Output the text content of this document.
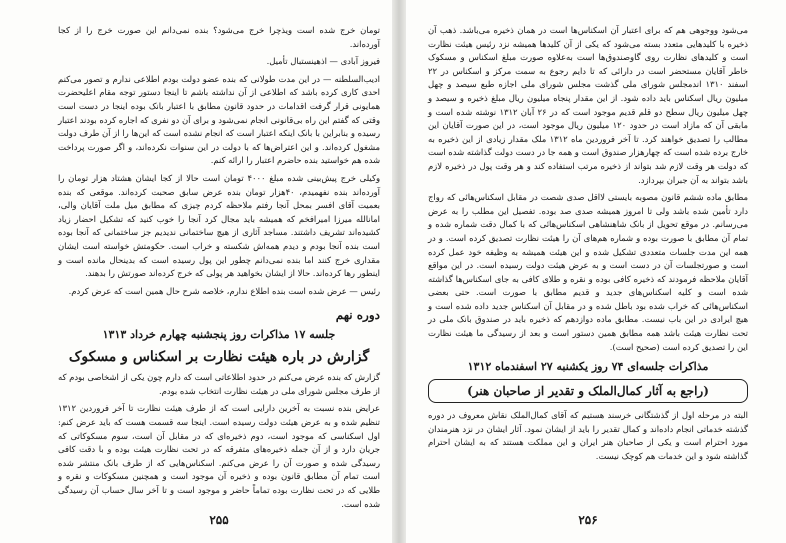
تومان خرج شده است ویذچرا خرج می‌شود؟ بنده نمی‌دانم این صورت خرج را از کجا آورده‌اند.

فیروز آبادی — اذهینستبال تأمیل.

ادیب‌السلطنه — در این مدت طولانی که بنده عضو دولت بودم اطلاعی ندارم و تصور می‌کنم احدی کاری کرده باشد که اطلاعی از آن نداشته باشم تا اینجا دستور توجه مقام اعلیحضرت همایونی قرار گرفت اقدامات در حدود قانون مطابق با اعتبار بانک بوده اینجا در دست است وقتی که گفتم این راه بی‌قانونی انجام نمی‌شود و برای آن دو نفری که اجاره کرده بودند اعتبار رسیده و بنابراین با بانک اینکه اعتبار است که انجام نشده است که این‌ها را از آن طرف دولت مشغول کرده‌اند. و این اعتراض‌ها که با دولت در این سنوات نکرده‌اند، و اگر صورت پرداخت شده هم خواستید بنده حاضرم اعتبار را ارائه کنم.

وکیلی خرج پیش‌بینی شده مبلغ ۴۰۰۰ تومان است حالا از کجا ایشان هشتاد هزار تومان را آورده‌اند بنده نفهمیدم، ۴۰هزار تومان بنده عرض سابق صحبت کرده‌اند. موقعی که بنده بعمیت آقای افسر بمحل آنجا رفتم ملاحظه کردم چیزی که مطابق میل ملت آقایان والی، امانالله میرزا امیرافخم که همیشه باید مجال کرد آنجا را خوب کنید که تشکیل احضار زیاد کشیده‌اند تشریف داشتند. مساجد آثاری از هیچ ساختمانی ندیدیم جز ساختمانی که آنجا بوده است بنده آنجا بودم و دیدم همه‌اش شکسته و خراب است. حکومتش خواسته است ایشان مقداری خرج کنند اما بنده نمی‌دانم چطور این پول رسیده است که بدینحال مانده است و اینطور رها کرده‌اند. حالا از ایشان بخواهید هر پولی که خرج کرده‌اند صورتش را بدهند.

رئیس — عرض شده است بنده اطلاع ندارم، خلاصه شرح حال همین است که عرض کردم.

دوره نهم
جلسه ۱۷ مذاکرات روز پنجشنبه چهارم خرداد ۱۳۱۳
گزارش در باره هیئت نظارت بر اسکناس و مسکوک

گزارش که بنده عرض می‌کنم در حدود اطلاعاتی است که دارم چون یکی از اشخاصی بودم که از طرف مجلس شورای ملی در هیئت نظارت انتخاب شده بودم.

عرایض بنده نسبت به آخرین دارایی است که از طرف هیئت نظارت تا آخر فروردین ۱۳۱۲ تنظیم شده و به عرض هیئت دولت رسیده است. اینجا سه قسمت هست که باید عرض کنم: اول اسکناسی که موجود است، دوم ذخیره‌ای که در مقابل آن است، سوم مسکوکاتی که جریان دارد و از آن جمله ذخیره‌های متفرقه که در تحت نظارت هیئت بوده و با دقت کافی رسیدگی شده و صورت آن را عرض می‌کنم. اسکناس‌هایی که از طرف بانک منتشر شده است تمام آن مطابق قانون بوده و ذخیره آن موجود است و همچنین مسکوکات و نقره و طلایی که در تحت نظارت بوده تماماً حاضر و موجود است و تا آخر سال حساب آن رسیدگی شده است.

۲۵۵

می‌شود ووجوهی هم که برای اعتبار آن اسکناس‌ها است در همان ذخیره می‌باشد. ذهب آن ذخیره با کلید‌هایی متعدد بسته می‌شود که یکی از آن کلیدها همیشه نزد رئیس هیئت نظارت است و کلیدهای نظارت روی گاوصندوق‌ها است به‌علاوه صورت مبلغ اسکناس و مسکوک خاطر آقایان مستحضر است در دارائی که تا دایم رجوع به سمت مرکز و اسکناس در ۲۲ اسفند ۱۳۱۰ اندمجلس شورای ملی گذشت مجلس شورای ملی اجازه طبع سیصد و چهل میلیون ریال اسکناس باید داده شود. از این مقدار پنجاه میلیون ریال مبلغ ذخیره و سیصد و چهل میلیون ریال سطح دو قلم قدیم موجود است که در ۲۶ آبان ۱۳۱۲ نوشته شده است و مابقی آن که مازاد است در حدود ۱۲۰ میلیون ریال موجود است، در این صورت آقایان این مطالب را تصدیق خواهند کرد. تا آخر فروردین ماه ۱۳۱۲ ملک مقدار زیادی از این ذخیره به خارج برده شده است که چهارهزار صندوق است و همه جا در دست دولت گذاشته شده است که دولت هر وقت لازم شد بتواند از ذخیره مرتب استفاده کند و هر وقت پول در ذخیره لازم باشد بتواند به آن جبران بپردازد.

مطابق ماده ششم قانون مصوبه بایستی لااقل صدی شصت در مقابل اسکناس‌هائی که رواج دارد تأمین شده باشد ولی تا امروز همیشه صدی صد بوده. تفصیل این مطلب را به عرض می‌رسانم. در موقع تحویل از بانک شاهنشاهی اسکناس‌هائی که با کمال دقت شماره شده و تمام آن مطابق با صورت بوده و شماره هم‌های آن را هیئت نظارت تصدیق کرده است. و در همه این مدت جلسات متعددی تشکیل شده و این هیئت همیشه به وظیفه خود عمل کرده است و صورتجلسات آن در دست است و به عرض هیئت دولت رسیده است. در این مواقع آقایان ملاحظه فرمودند که ذخیره کافی بوده و نقره و طلای کافی به جای اسکناس‌ها گذاشته شده است و کلیه اسکناس‌های جدید و قدیم مطابق با صورت است. حتی بعضی اسکناس‌هائی که خراب شده بود باطل شده و در مقابل آن اسکناس جدید داده شده است و هیچ ایرادی در این باب نیست. مطابق ماده دوازدهم که ذخیره باید در صندوق بانک ملی در تحت نظارت هیئت باشد همه مطابق همین دستور است و بعد از رسیدگی ما هیئت نظارت این را تصدیق کرده است (صحیح است).

مذاکرات جلسه‌ای ۷۴ روز یکشنبه ۲۷ اسفندماه ۱۳۱۲
(راجع به آثار کمال‌الملک و تقدیر از صاحبان هنر)

البته در مرحله اول از گذشتگانی خرسند هستیم که آقای کمال‌الملک نقاش معروف در دوره گذشته خدماتی انجام داده‌اند و کمال تقدیر را باید از ایشان نمود. آثار ایشان در نزد هنرمندان مورد احترام است و یکی از صاحبان هنر ایران و این مملکت هستند که به ایشان احترام گذاشته شود و این خدمات هم کوچک نیست.

۲۵۶
